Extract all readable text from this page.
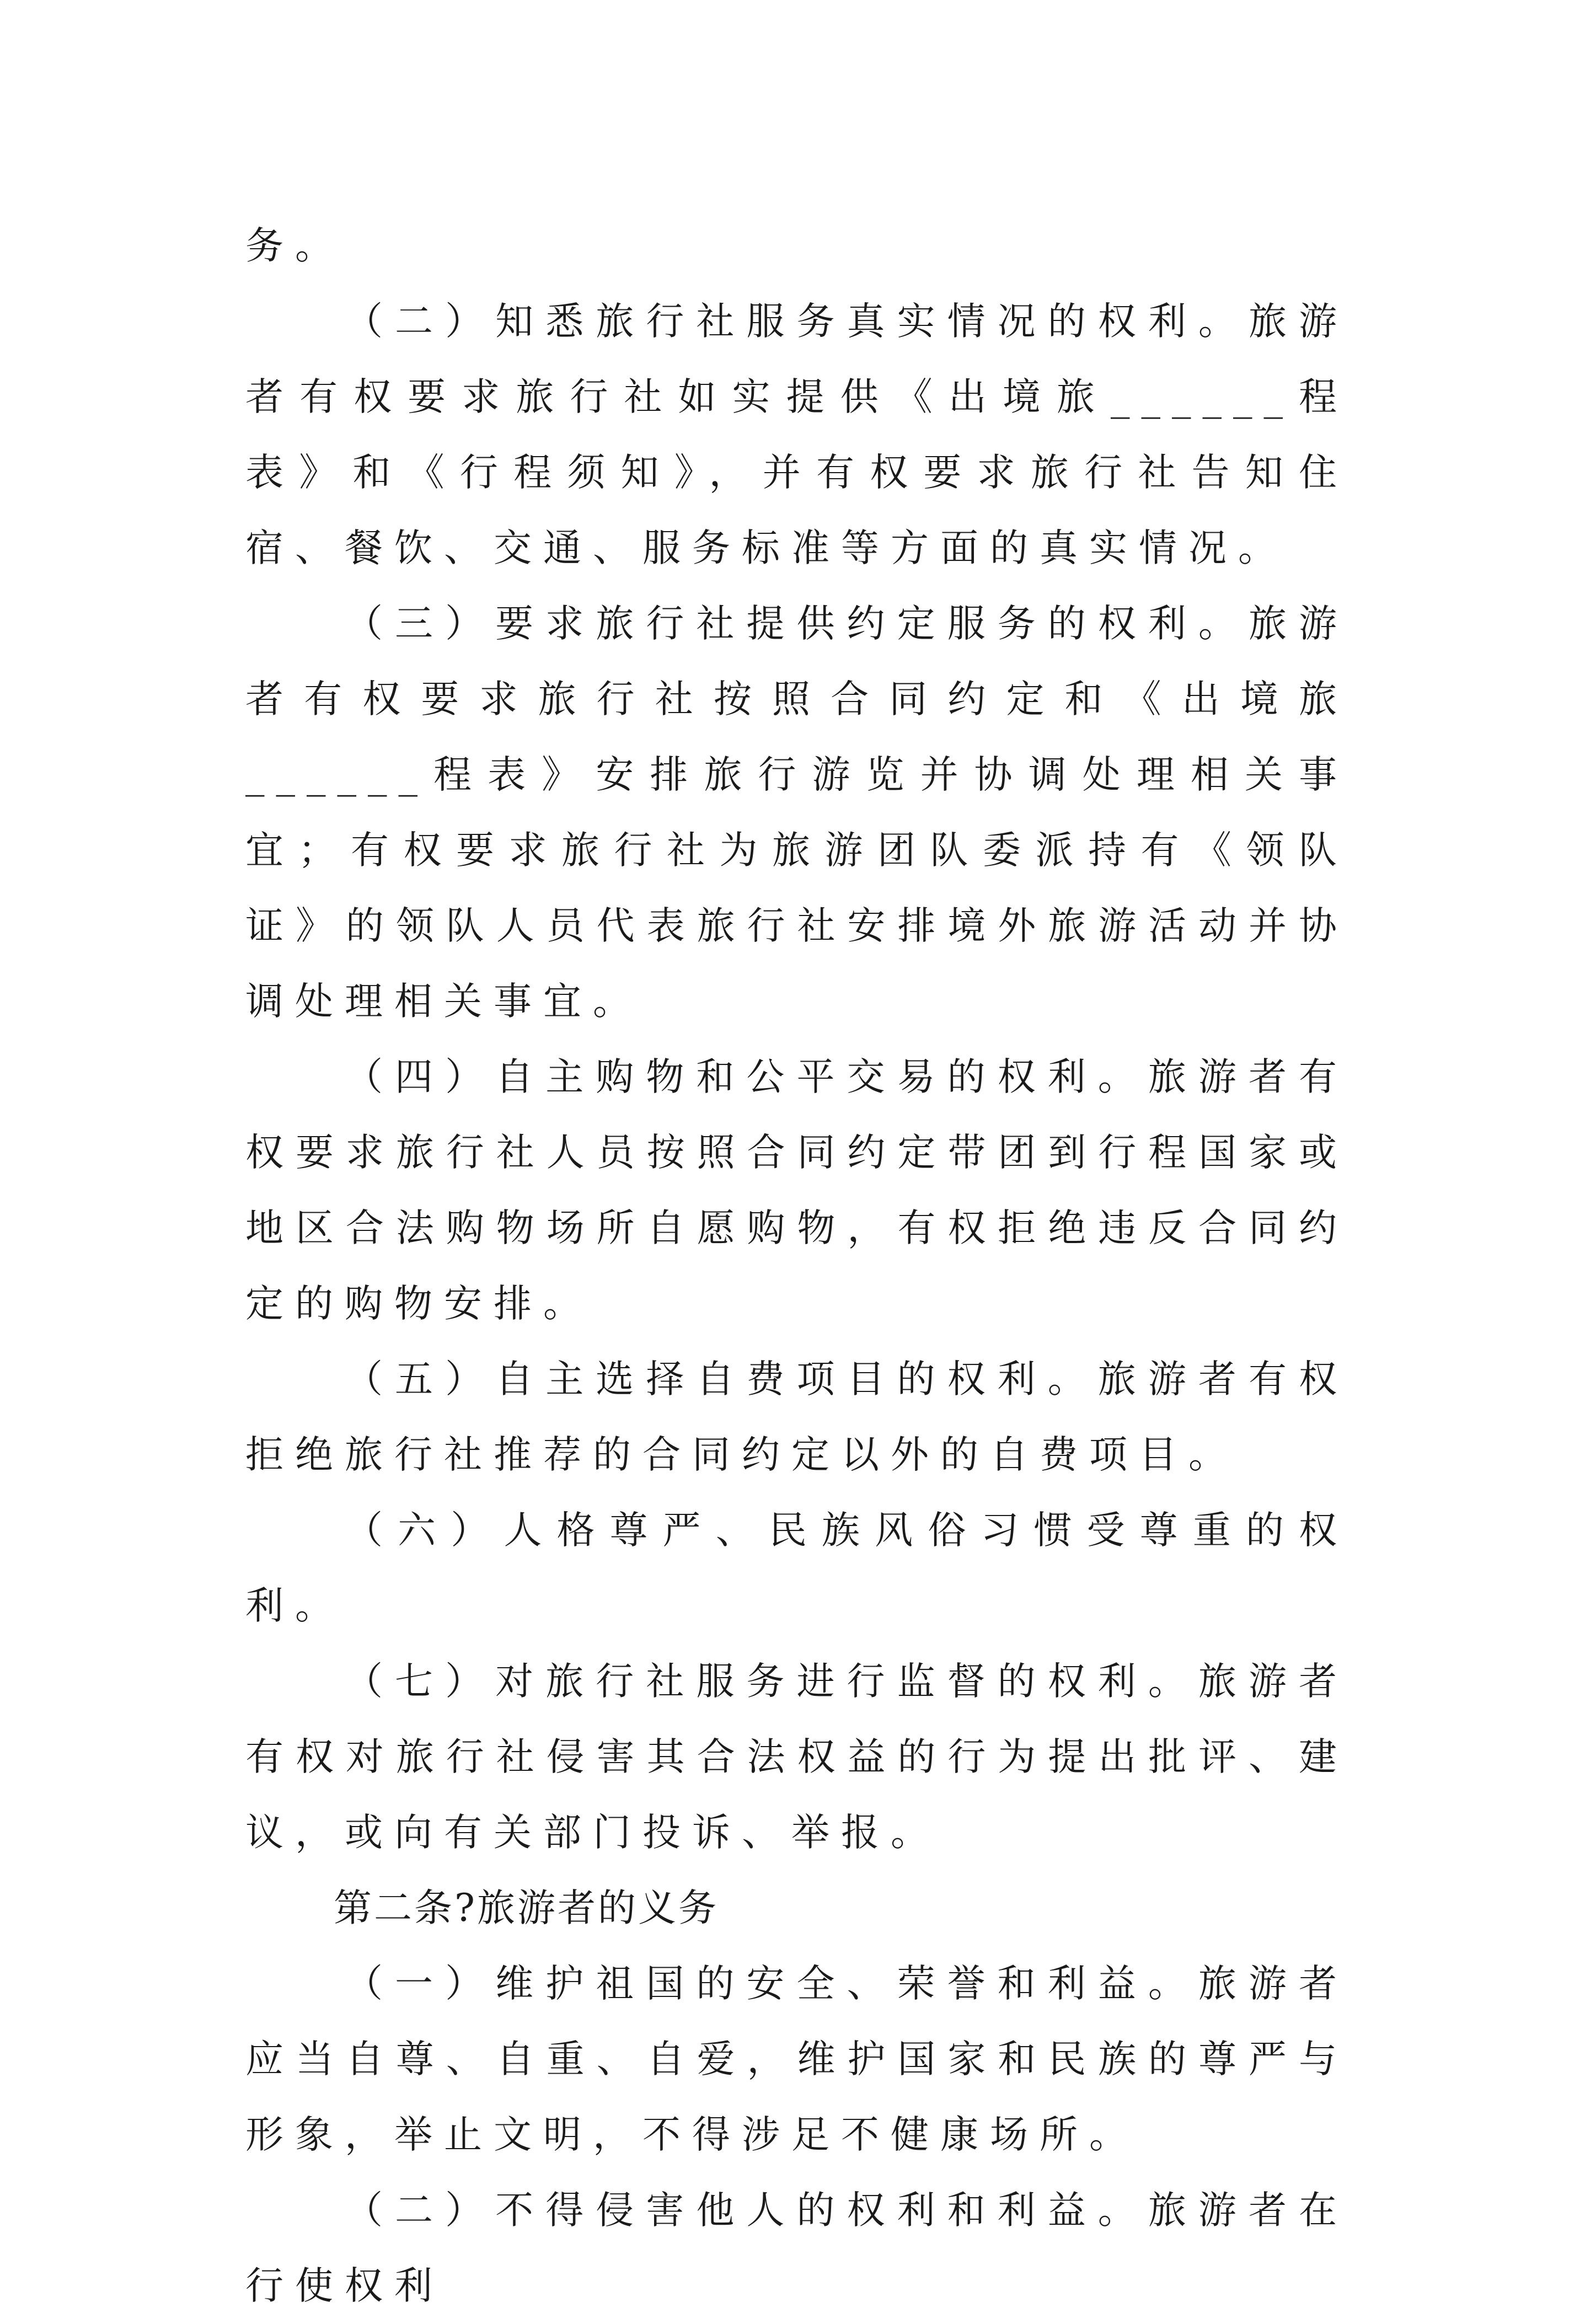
务。

（二）知悉旅行社服务真实情况的权利。旅游者有权要求旅行社如实提供《出境旅______程表》和《行程须知》，并有权要求旅行社告知住宿、餐饮、交通、服务标准等方面的真实情况。

（三）要求旅行社提供约定服务的权利。旅游者有权要求旅行社按照合同约定和《出境旅______程表》安排旅行游览并协调处理相关事宜；有权要求旅行社为旅游团队委派持有《领队证》的领队人员代表旅行社安排境外旅游活动并协调处理相关事宜。

（四）自主购物和公平交易的权利。旅游者有权要求旅行社人员按照合同约定带团到行程国家或地区合法购物场所自愿购物，有权拒绝违反合同约定的购物安排。

（五）自主选择自费项目的权利。旅游者有权拒绝旅行社推荐的合同约定以外的自费项目。

（六）人格尊严、民族风俗习惯受尊重的权利。

（七）对旅行社服务进行监督的权利。旅游者有权对旅行社侵害其合法权益的行为提出批评、建议，或向有关部门投诉、举报。

第二条?旅游者的义务

（一）维护祖国的安全、荣誉和利益。旅游者应当自尊、自重、自爱，维护国家和民族的尊严与形象，举止文明，不得涉足不健康场所。

（二）不得侵害他人的权利和利益。旅游者在行使权利
